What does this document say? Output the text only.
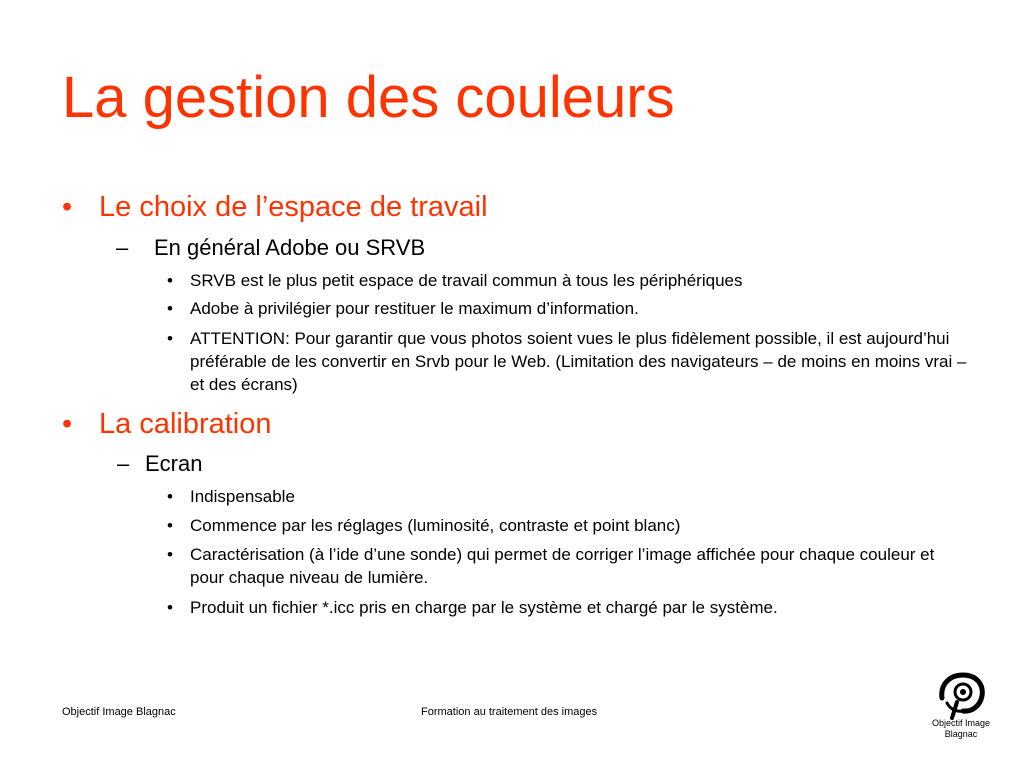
La gestion des couleurs
• Le choix de l’espace de travail
– En général Adobe ou SRVB
• SRVB est le plus petit espace de travail commun à tous les périphériques
• Adobe à privilégier pour restituer le maximum d’information.
• ATTENTION: Pour garantir que vous photos soient vues le plus fidèlement possible, il est aujourd’hui préférable de les convertir en Srvb pour le Web. (Limitation des navigateurs – de moins en moins vrai – et des écrans)
• La calibration
– Ecran
• Indispensable
• Commence par les réglages (luminosité, contraste et point blanc)
• Caractérisation (à l’ide d’une sonde) qui permet de corriger l’image affichée pour chaque couleur et pour chaque niveau de lumière.
• Produit un fichier *.icc pris en charge par le système et chargé par le système.
Objectif Image Blagnac	Formation au traitement des images
Objectif Image
Blagnac
